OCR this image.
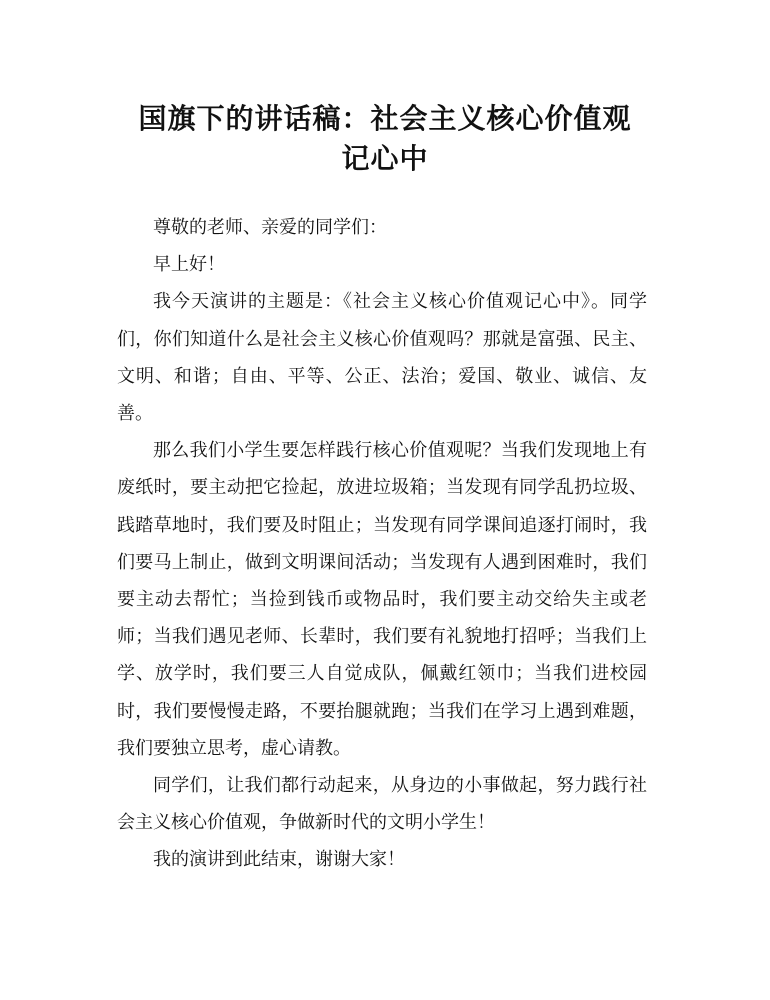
国旗下的讲话稿：社会主义核心价值观
记心中

尊敬的老师、亲爱的同学们：

早上好！

我今天演讲的主题是：《社会主义核心价值观记心中》。同学们，你们知道什么是社会主义核心价值观吗？那就是富强、民主、文明、和谐；自由、平等、公正、法治；爱国、敬业、诚信、友善。

那么我们小学生要怎样践行核心价值观呢？当我们发现地上有废纸时，要主动把它捡起，放进垃圾箱；当发现有同学乱扔垃圾、践踏草地时，我们要及时阻止；当发现有同学课间追逐打闹时，我们要马上制止，做到文明课间活动；当发现有人遇到困难时，我们要主动去帮忙；当捡到钱币或物品时，我们要主动交给失主或老师；当我们遇见老师、长辈时，我们要有礼貌地打招呼；当我们上学、放学时，我们要三人自觉成队，佩戴红领巾；当我们进校园时，我们要慢慢走路，不要抬腿就跑；当我们在学习上遇到难题，我们要独立思考，虚心请教。

同学们，让我们都行动起来，从身边的小事做起，努力践行社会主义核心价值观，争做新时代的文明小学生！

我的演讲到此结束，谢谢大家！
